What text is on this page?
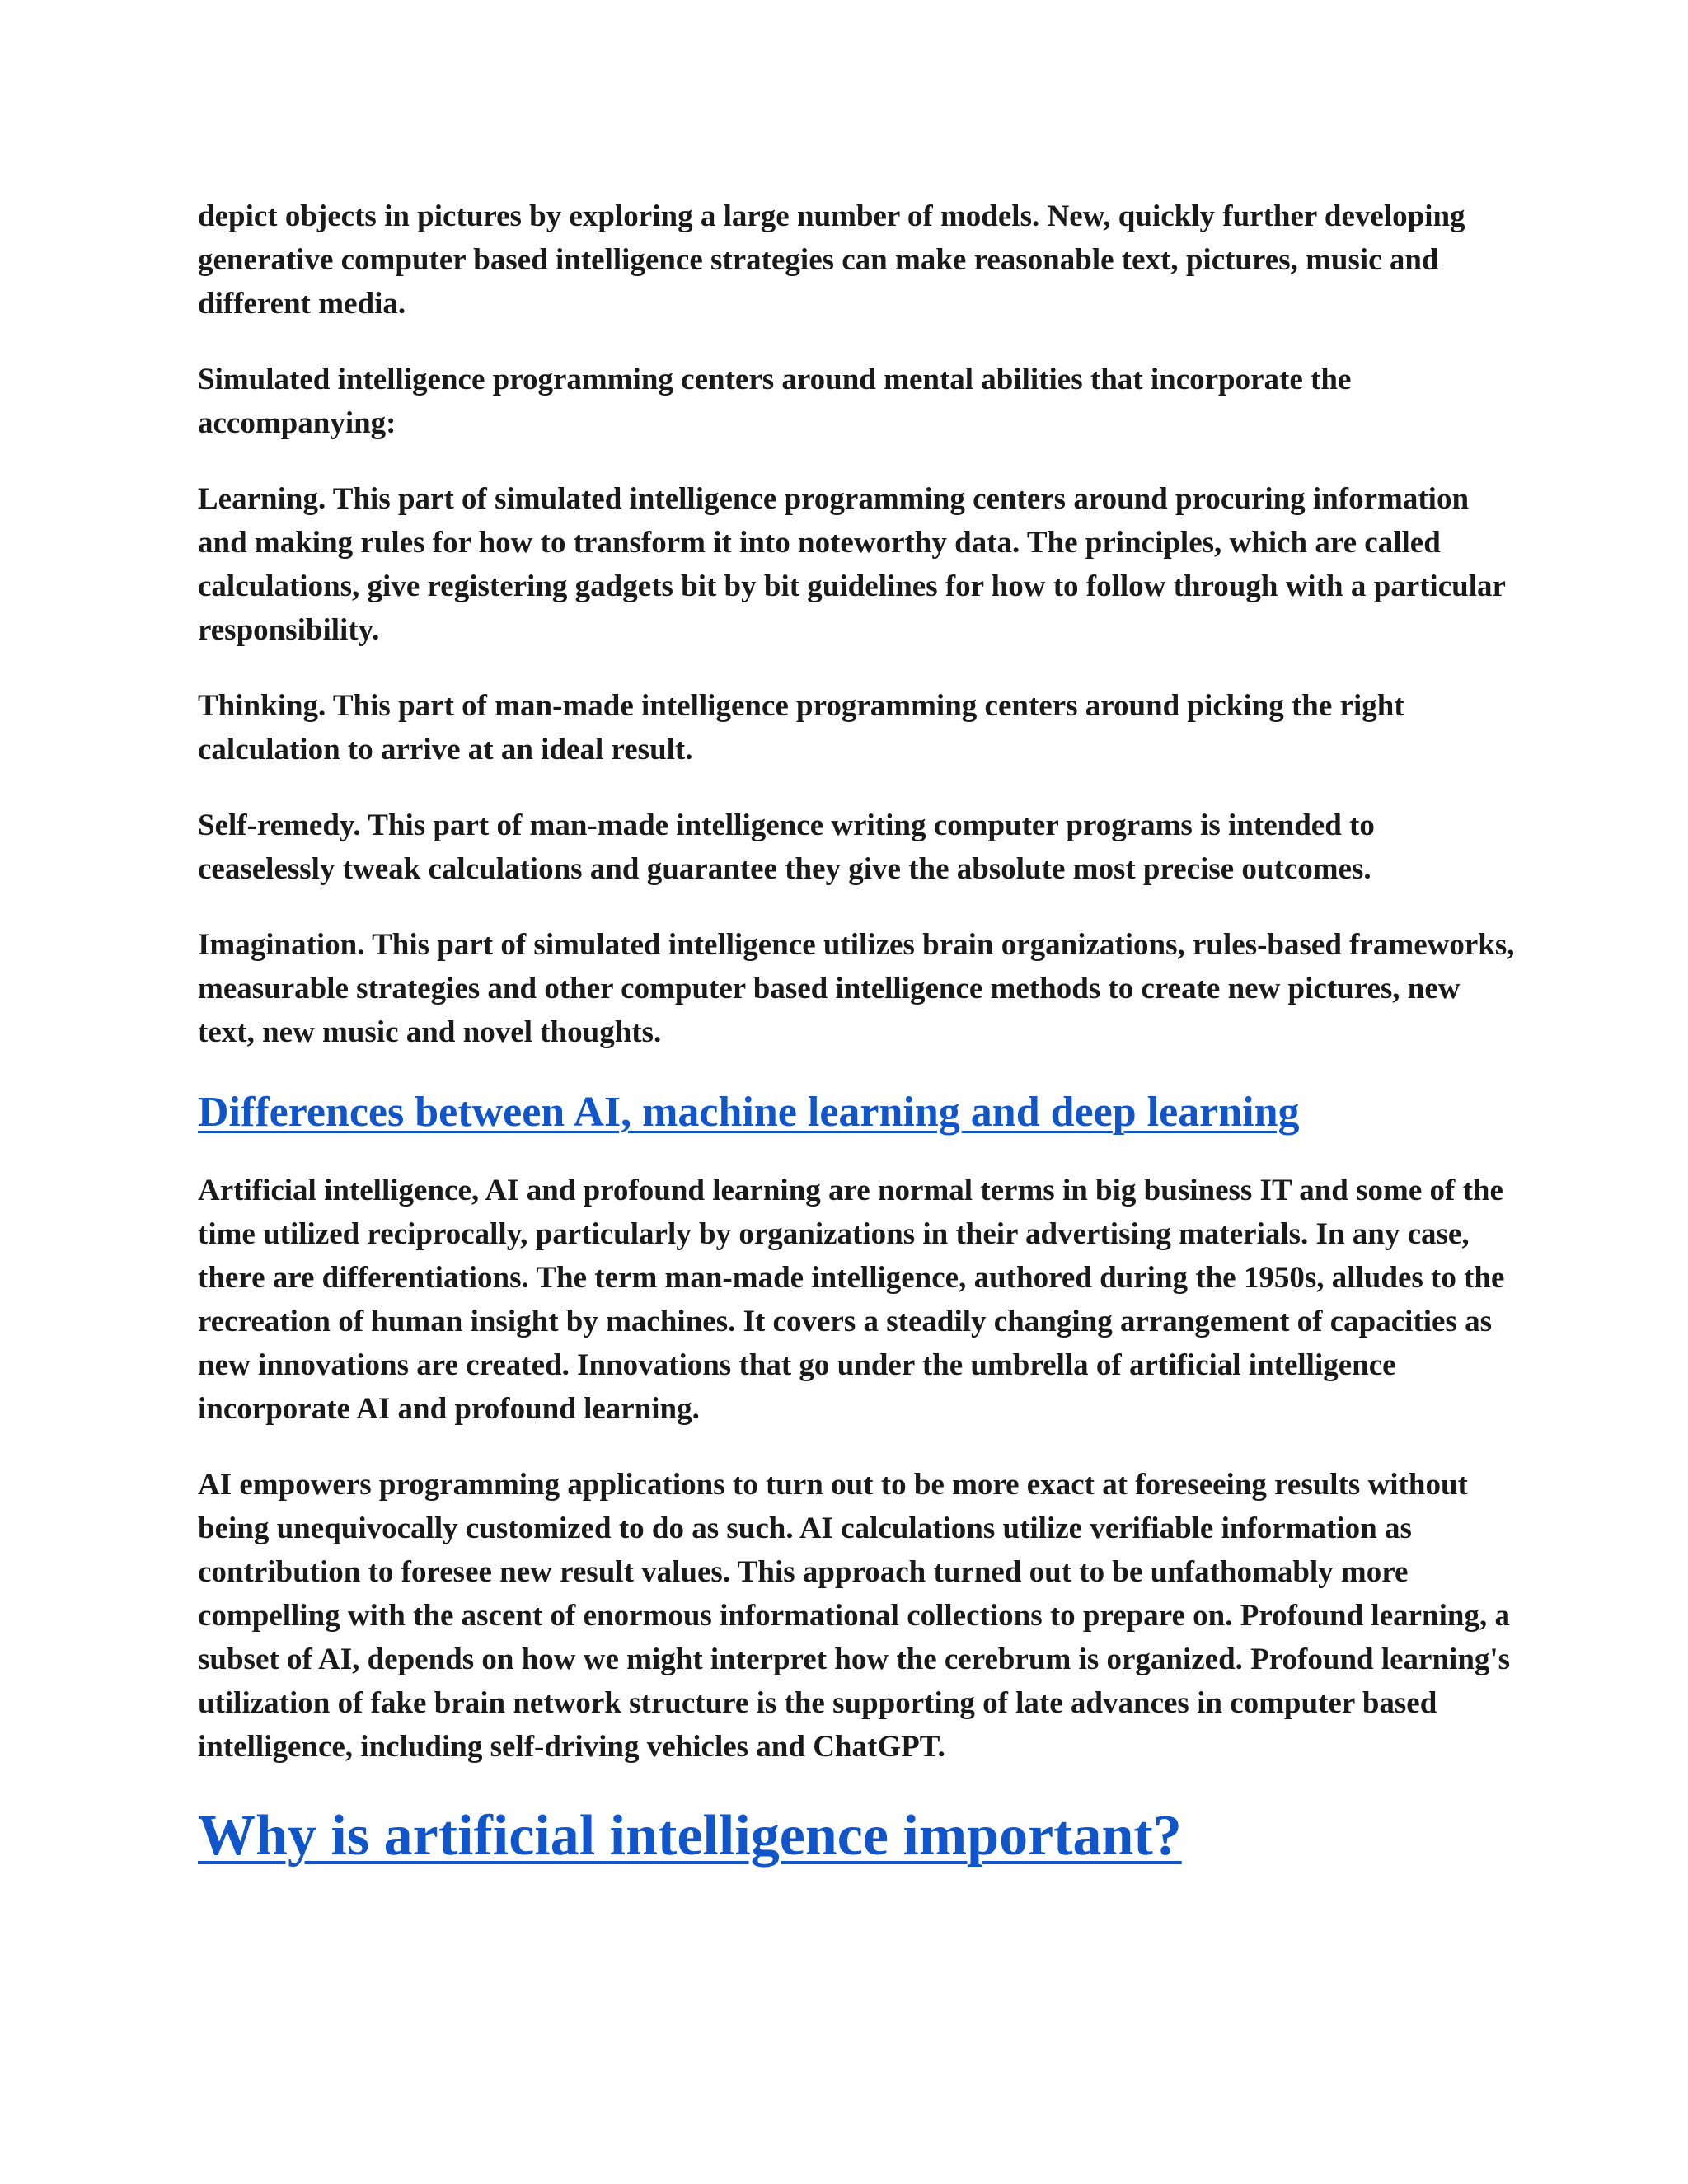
depict objects in pictures by exploring a large number of models. New, quickly further developing generative computer based intelligence strategies can make reasonable text, pictures, music and different media.

Simulated intelligence programming centers around mental abilities that incorporate the accompanying:

Learning. This part of simulated intelligence programming centers around procuring information and making rules for how to transform it into noteworthy data. The principles, which are called calculations, give registering gadgets bit by bit guidelines for how to follow through with a particular responsibility.

Thinking. This part of man-made intelligence programming centers around picking the right calculation to arrive at an ideal result.

Self-remedy. This part of man-made intelligence writing computer programs is intended to ceaselessly tweak calculations and guarantee they give the absolute most precise outcomes.

Imagination. This part of simulated intelligence utilizes brain organizations, rules-based frameworks, measurable strategies and other computer based intelligence methods to create new pictures, new text, new music and novel thoughts.

Differences between AI, machine learning and deep learning

Artificial intelligence, AI and profound learning are normal terms in big business IT and some of the time utilized reciprocally, particularly by organizations in their advertising materials. In any case, there are differentiations. The term man-made intelligence, authored during the 1950s, alludes to the recreation of human insight by machines. It covers a steadily changing arrangement of capacities as new innovations are created. Innovations that go under the umbrella of artificial intelligence incorporate AI and profound learning.

AI empowers programming applications to turn out to be more exact at foreseeing results without being unequivocally customized to do as such. AI calculations utilize verifiable information as contribution to foresee new result values. This approach turned out to be unfathomably more compelling with the ascent of enormous informational collections to prepare on. Profound learning, a subset of AI, depends on how we might interpret how the cerebrum is organized. Profound learning's utilization of fake brain network structure is the supporting of late advances in computer based intelligence, including self-driving vehicles and ChatGPT.

Why is artificial intelligence important?
